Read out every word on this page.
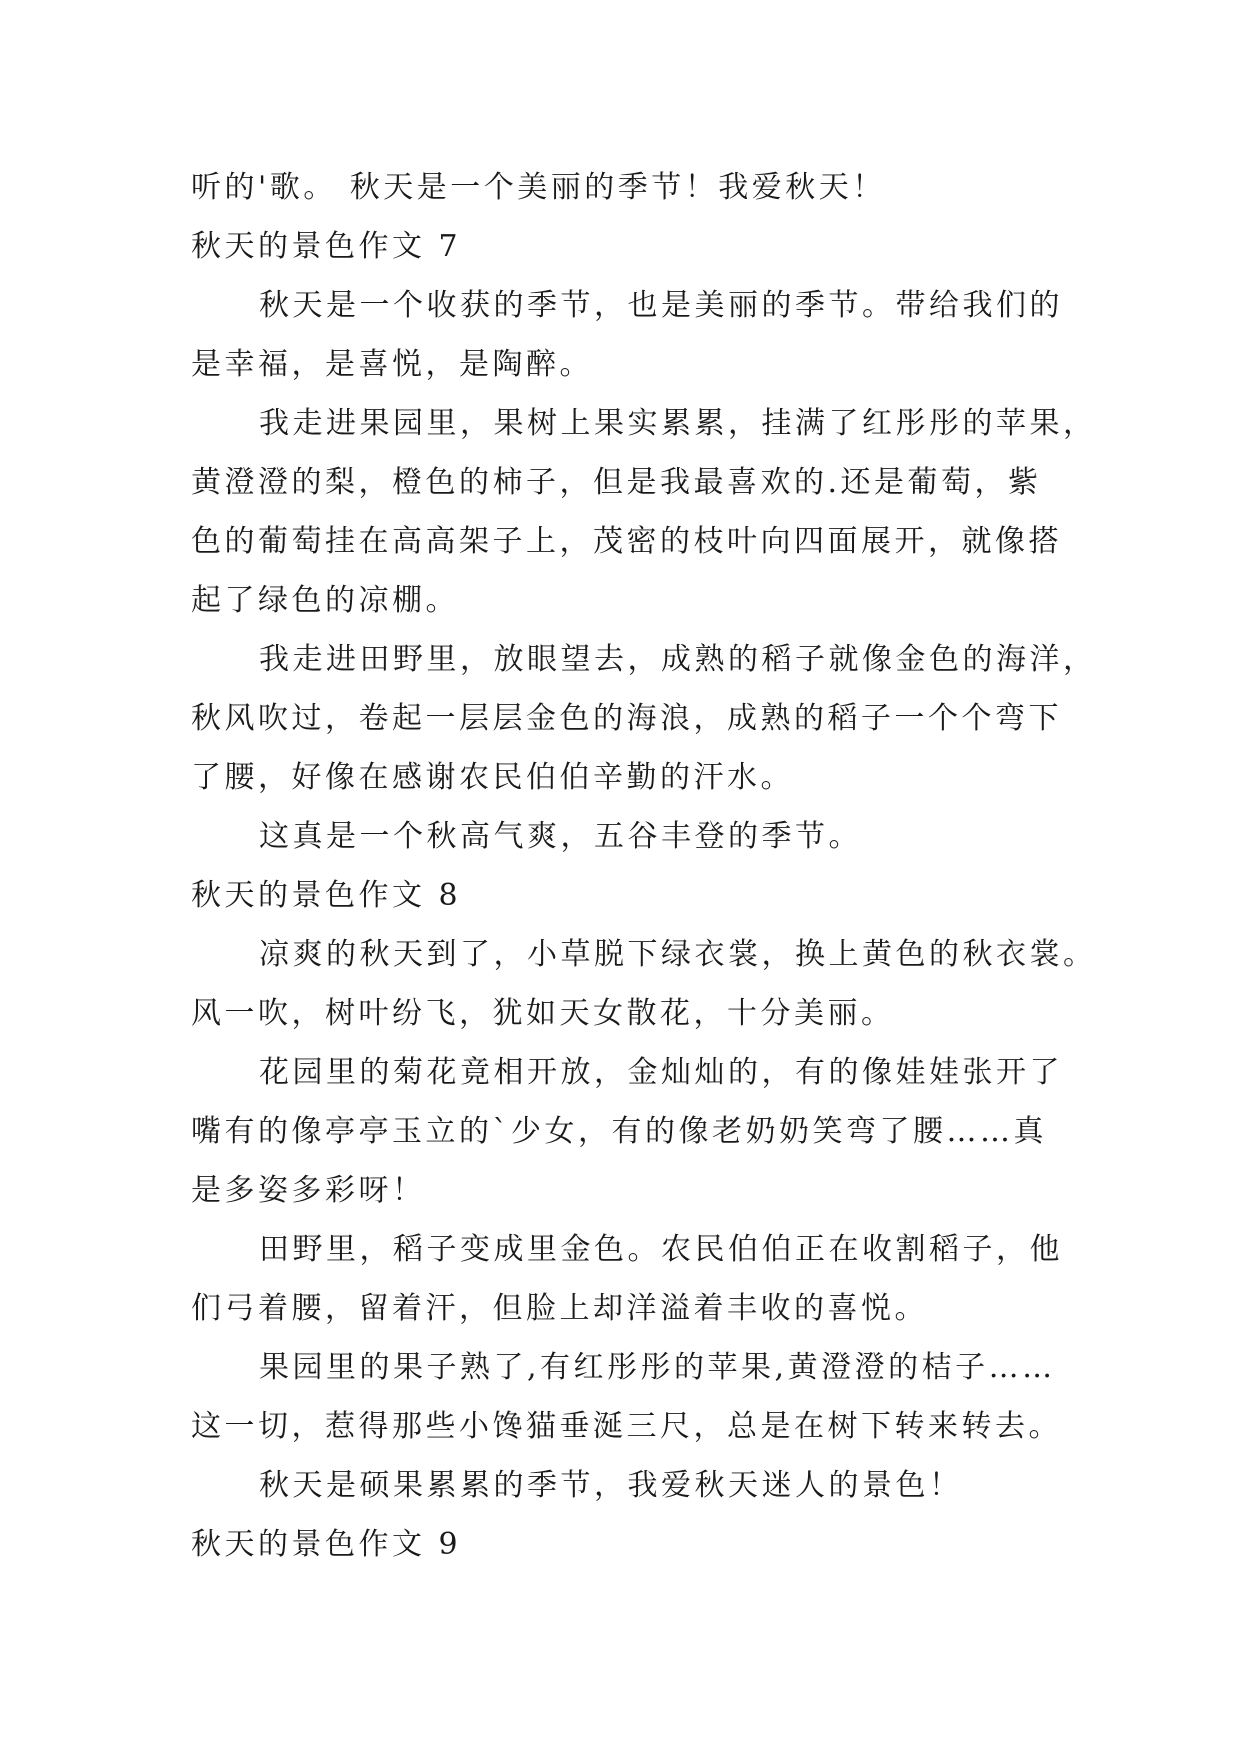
听的'歌。 秋天是一个美丽的季节！我爱秋天！

秋天的景色作文 7

秋天是一个收获的季节，也是美丽的季节。带给我们的

是幸福，是喜悦，是陶醉。

我走进果园里，果树上果实累累，挂满了红彤彤的苹果，

黄澄澄的梨，橙色的柿子，但是我最喜欢的.还是葡萄，紫

色的葡萄挂在高高架子上，茂密的枝叶向四面展开，就像搭

起了绿色的凉棚。

我走进田野里，放眼望去，成熟的稻子就像金色的海洋，

秋风吹过，卷起一层层金色的海浪，成熟的稻子一个个弯下

了腰，好像在感谢农民伯伯辛勤的汗水。

这真是一个秋高气爽，五谷丰登的季节。

秋天的景色作文 8

凉爽的秋天到了，小草脱下绿衣裳，换上黄色的秋衣裳。

风一吹，树叶纷飞，犹如天女散花，十分美丽。

花园里的菊花竟相开放，金灿灿的，有的像娃娃张开了

嘴有的像亭亭玉立的`少女，有的像老奶奶笑弯了腰……真

是多姿多彩呀！

田野里，稻子变成里金色。农民伯伯正在收割稻子，他

们弓着腰，留着汗，但脸上却洋溢着丰收的喜悦。

果园里的果子熟了,有红彤彤的苹果,黄澄澄的桔子……

这一切，惹得那些小馋猫垂涎三尺，总是在树下转来转去。

秋天是硕果累累的季节，我爱秋天迷人的景色！

秋天的景色作文 9
